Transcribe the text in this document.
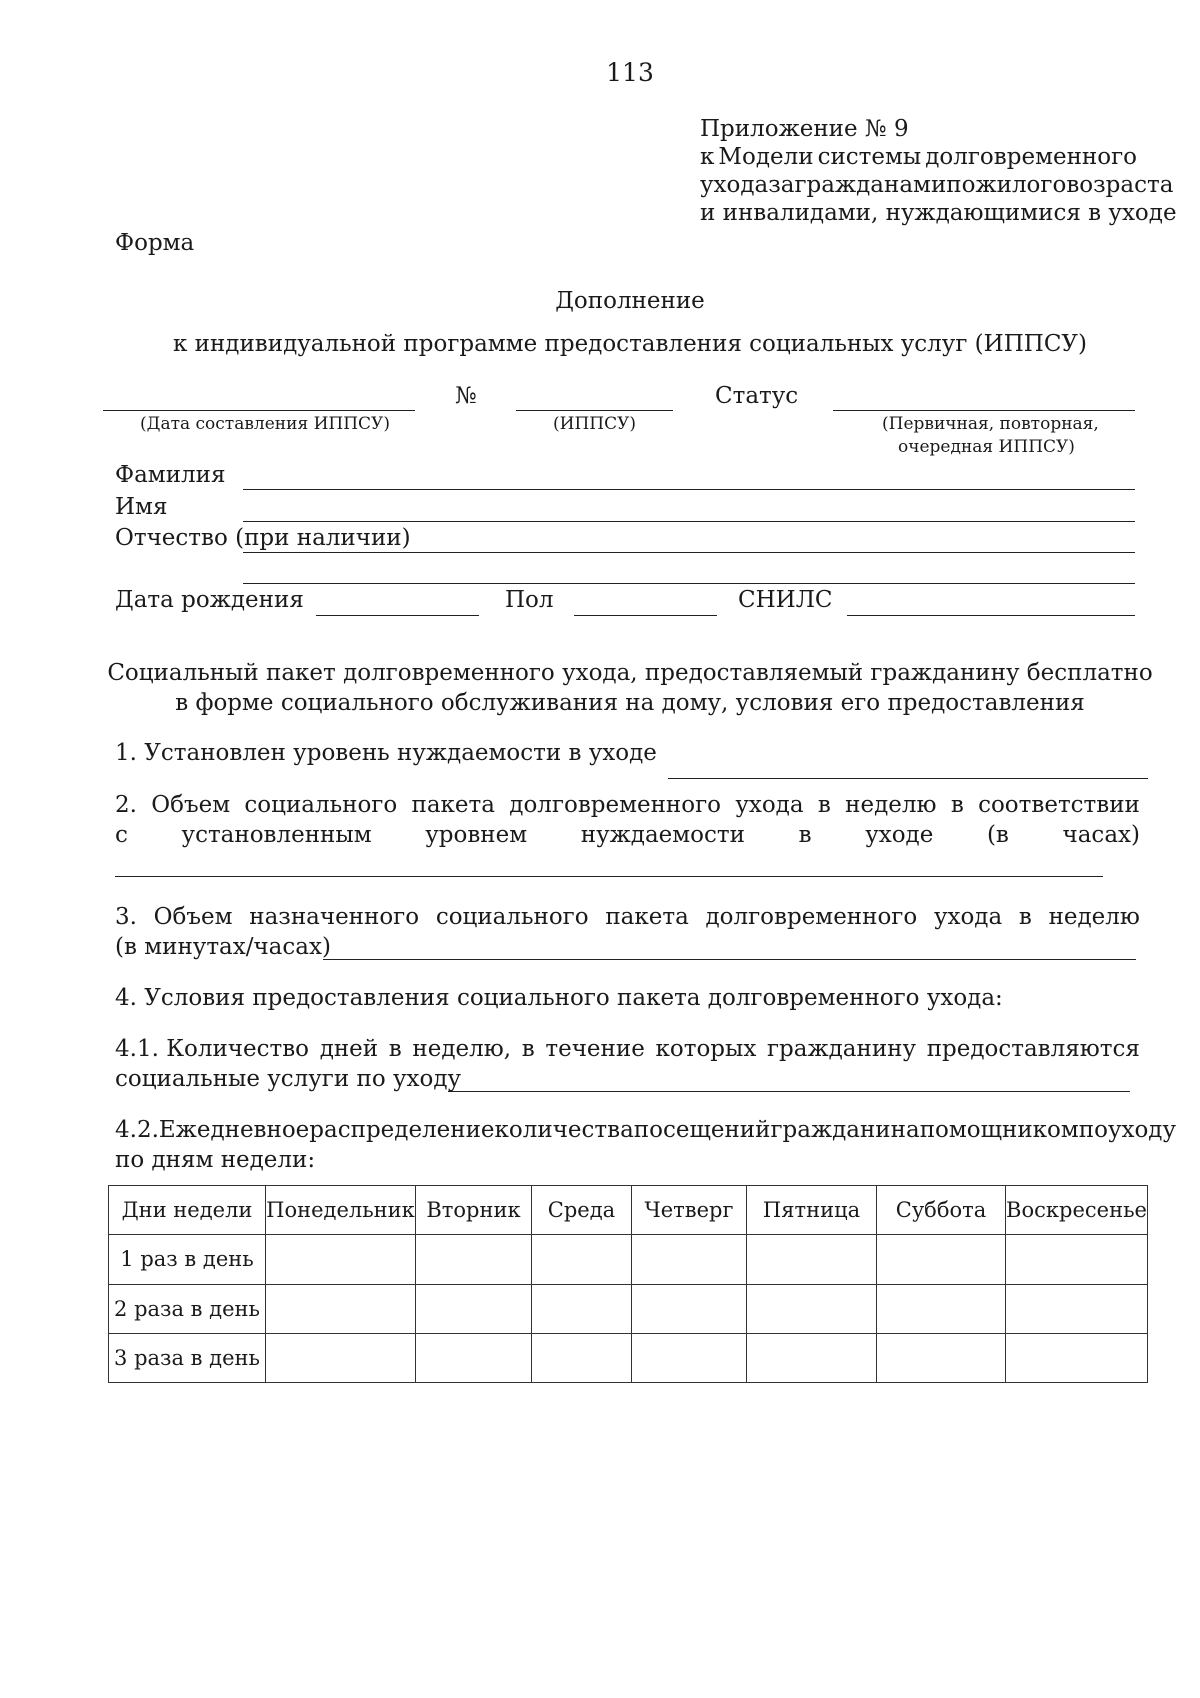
113
Приложение № 9
к Модели системы долговременного
ухода за гражданами пожилого возраста
и инвалидами, нуждающимися в уходе
Форма
Дополнение
к индивидуальной программе предоставления социальных услуг (ИППСУ)
№	Статус
(Дата составления ИППСУ)	(ИППСУ)	(Первичная, повторная,
очередная ИППСУ)
Фамилия
Имя
Отчество (при наличии)
Дата рождения	Пол	СНИЛС
Социальный пакет долговременного ухода, предоставляемый гражданину бесплатно
в форме социального обслуживания на дому, условия его предоставления
1. Установлен уровень нуждаемости в уходе
2. Объем социального пакета долговременного ухода в неделю в соответствии
с установленным уровнем нуждаемости в уходе (в часах)
3. Объем назначенного социального пакета долговременного ухода в неделю
(в минутах/часах)
4. Условия предоставления социального пакета долговременного ухода:
4.1. Количество дней в неделю, в течение которых гражданину предоставляются
социальные услуги по уходу
4.2. Ежедневное распределение количества посещений гражданина помощником по уходу
по дням недели:
Дни недели	Понедельник	Вторник	Среда	Четверг	Пятница	Суббота	Воскресенье
1 раз в день							
2 раза в день							
3 раза в день							
